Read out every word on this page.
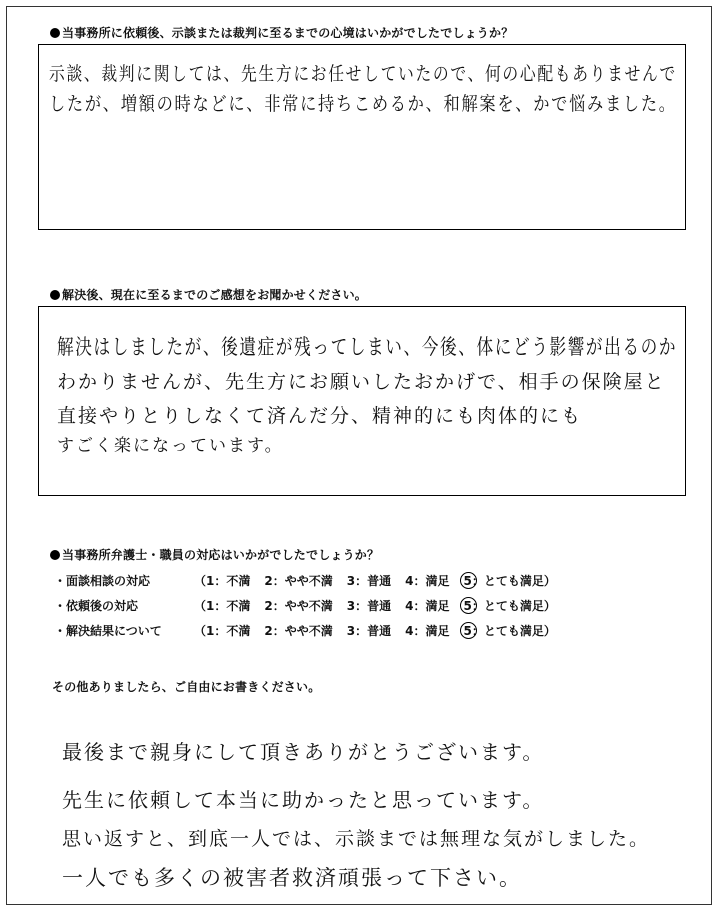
当事務所に依頼後、示談または裁判に至るまでの心境はいかがでしたでしょうか？
示談、裁判に関しては、先生方にお任せしていたので、何の心配もありませんで
したが、増額の時などに、非常に持ちこめるか、和解案を、かで悩みました。
解決後、現在に至るまでのご感想をお聞かせください。
解決はしましたが、後遺症が残ってしまい、今後、体にどう影響が出るのか
わかりませんが、先生方にお願いしたおかげで、相手の保険屋と
直接やりとりしなくて済んだ分、精神的にも肉体的にも
すごく楽になっています。
当事務所弁護士・職員の対応はいかがでしたでしょうか？
・面談相談の対応	（1：不満 2：やや不満 3：普通 4：満足 5：とても満足）
・依頼後の対応	（1：不満 2：やや不満 3：普通 4：満足 5：とても満足）
・解決結果について	（1：不満 2：やや不満 3：普通 4：満足 5：とても満足）
その他ありましたら、ご自由にお書きください。
最後まで親身にして頂きありがとうございます。
先生に依頼して本当に助かったと思っています。
思い返すと、到底一人では、示談までは無理な気がしました。
一人でも多くの被害者救済頑張って下さい。
